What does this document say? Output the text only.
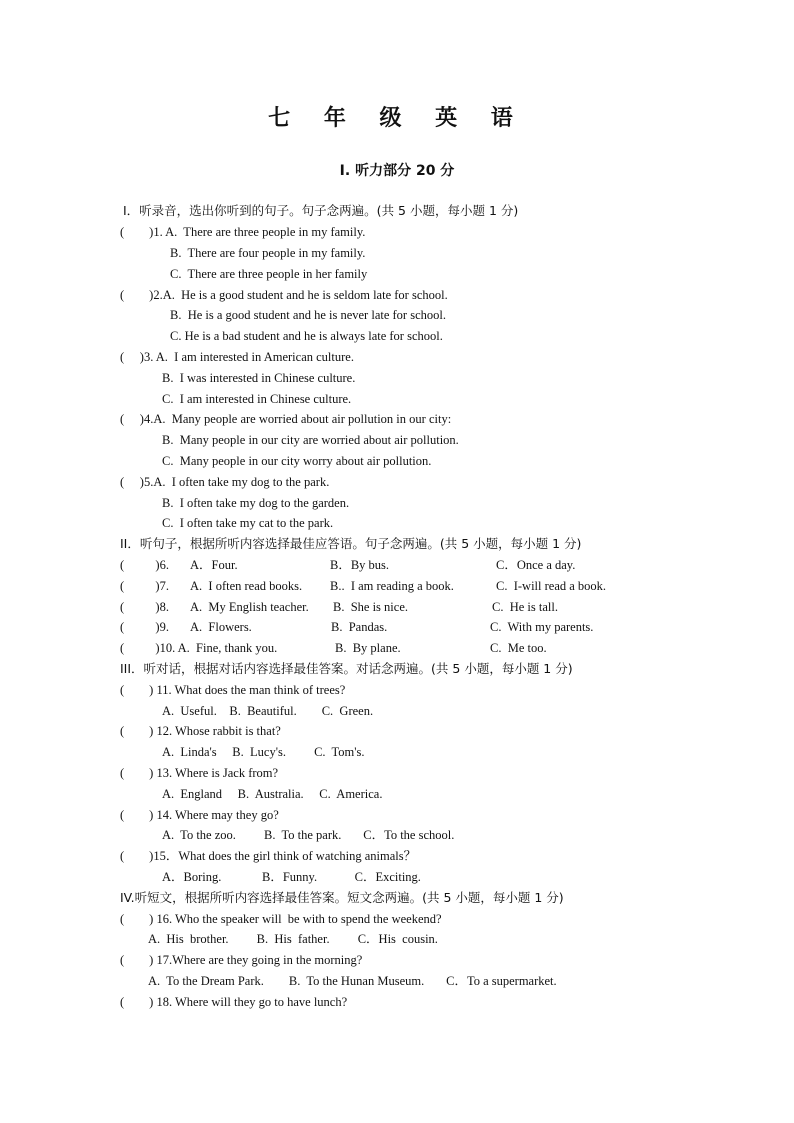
七 年 级 英 语
I. 听力部分 20 分
I．听录音，选出你听到的句子。句子念两遍。(共 5 小题，每小题 1 分)
(        )1. A.  There are three people in my family.
B.  There are four people in my family.
C.  There are three people in her family
(        )2.A.  He is a good student and he is seldom late for school.
B.  He is a good student and he is never late for school.
C. He is a bad student and he is always late for school.
(     )3. A.  I am interested in American culture.
B.  I was interested in Chinese culture.
C.  I am interested in Chinese culture.
(     )4.A.  Many people are worried about air pollution in our city:
B.  Many people in our city are worried about air pollution.
C.  Many people in our city worry about air pollution.
(     )5.A.  I often take my dog to the park.
B.  I often take my dog to the garden.
C.  I often take my cat to the park.
II．听句子，根据所听内容选择最佳应答语。句子念两遍。(共 5 小题，每小题 1 分)
(          )6. A．Four.	B．By bus.	C．Once a day.
(          )7. A.  I often read books. B..  I am reading a book.	C.  I-will read a book.
(          )8. A.  My English teacher. B.  She is nice.	C.  He is tall.
(          )9. A.  Flowers.	B.  Pandas.	C.  With my parents.
(          )10. A.  Fine, thank you.	B.  By plane.	C.  Me too.
III．听对话，根据对话内容选择最佳答案。对话念两遍。(共 5 小题，每小题 1 分)
(        ) 11. What does the man think of trees?
A.  Useful.    B.  Beautiful.        C.  Green.
(        ) 12. Whose rabbit is that?
A.  Linda's     B.  Lucy's.         C.  Tom's.
(        ) 13. Where is Jack from?
A.  England     B.  Australia.     C.  America.
(        ) 14. Where may they go?
A.  To the zoo.         B.  To the park.       C．To the school.
(        )15．What does the girl think of watching animals？
A．Boring.             B．Funny.            C．Exciting.
IV.听短文，根据所听内容选择最佳答案。短文念两遍。(共 5 小题，每小题 1 分)
(        ) 16. Who the speaker will  be with to spend the weekend?
A.  His  brother.         B.  His  father.         C．His  cousin.
(        ) 17.Where are they going in the morning?
A.  To the Dream Park.        B.  To the Hunan Museum.       C．To a supermarket.
(        ) 18. Where will they go to have lunch?
